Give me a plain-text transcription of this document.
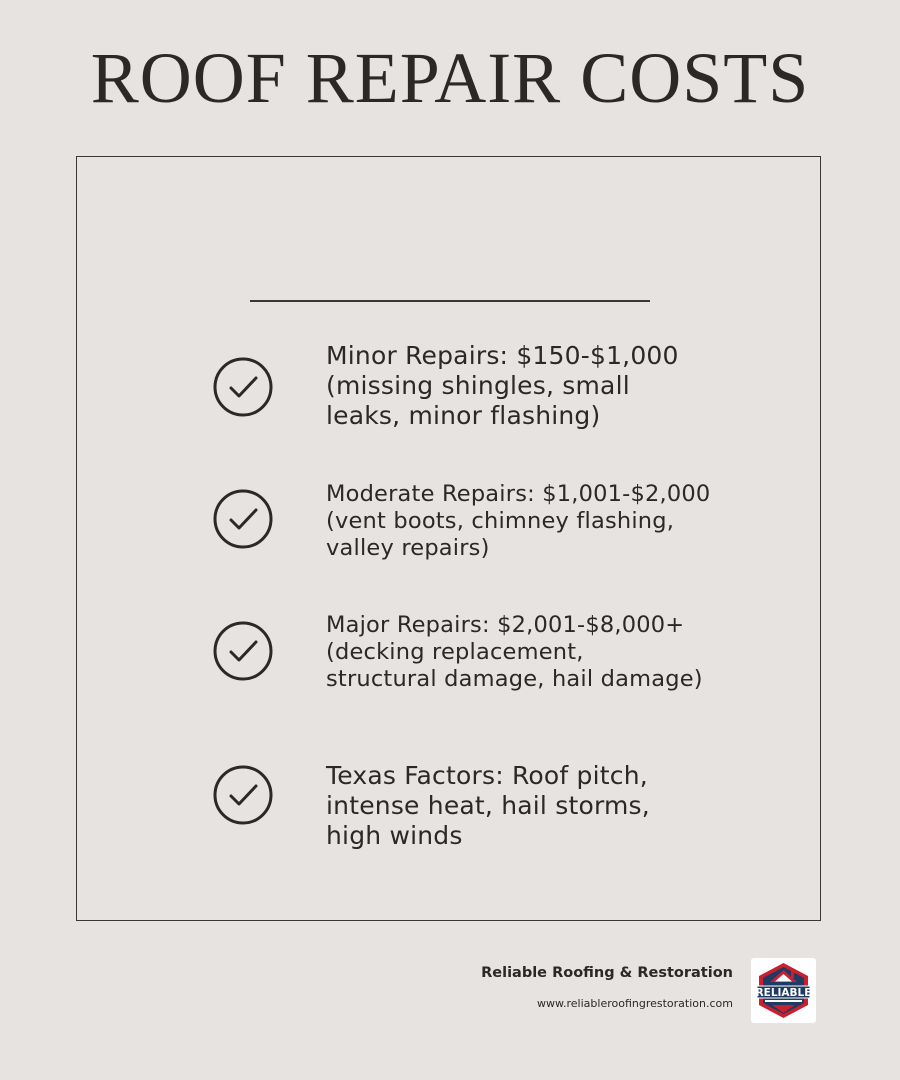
ROOF REPAIR COSTS
Minor Repairs: $150-$1,000
(missing shingles, small
leaks, minor flashing)
Moderate Repairs: $1,001-$2,000
(vent boots, chimney flashing,
valley repairs)
Major Repairs: $2,001-$8,000+
(decking replacement,
structural damage, hail damage)
Texas Factors: Roof pitch,
intense heat, hail storms,
high winds
Reliable Roofing & Restoration
www.reliableroofingrestoration.com
RELIABLE
